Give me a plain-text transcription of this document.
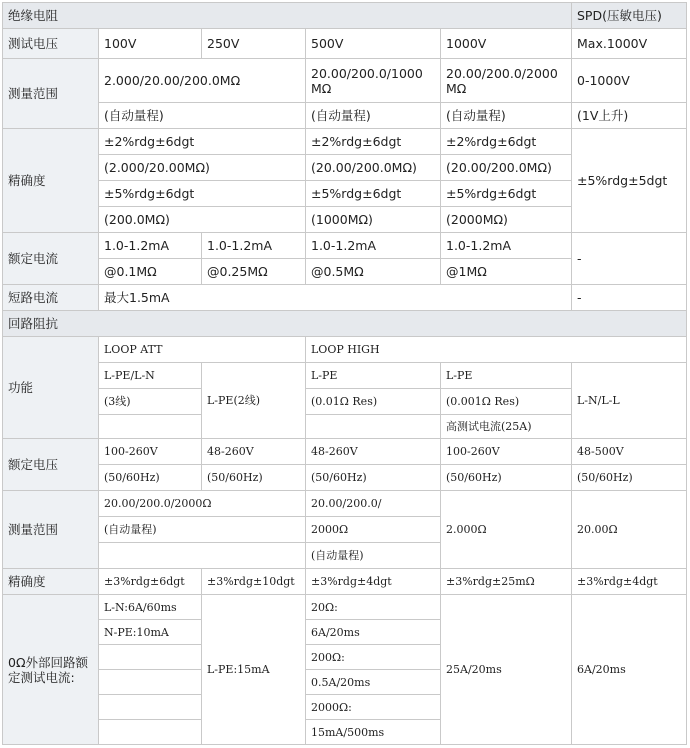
绝缘电阻					SPD(压敏电压)
测试电压	100V	250V	500V	1000V	Max.1000V
测量范围	2.000/20.00/200.0MΩ		20.00/200.0/1000 MΩ	20.00/200.0/2000 MΩ	0-1000V
	(自动量程)		(自动量程)	(自动量程)	(1V上升)
精确度	±2%rdg±6dgt		±2%rdg±6dgt	±2%rdg±6dgt	±5%rdg±5dgt
	(2.000/20.00MΩ)		(20.00/200.0MΩ)	(20.00/200.0MΩ)	
	±5%rdg±6dgt		±5%rdg±6dgt	±5%rdg±6dgt	
	(200.0MΩ)		(1000MΩ)	(2000MΩ)	
额定电流	1.0-1.2mA	1.0-1.2mA	1.0-1.2mA	1.0-1.2mA	-
	@0.1MΩ	@0.25MΩ	@0.5MΩ	@1MΩ	
短路电流	最大1.5mA				-
回路阻抗					
功能	LOOP ATT		LOOP HIGH		
	L-PE/L-N	L-PE(2线)	L-PE	L-PE	L-N/L-L
	(3线)		(0.01Ω Res)	(0.001Ω Res)	
				高测试电流(25A)	
额定电压	100-260V	48-260V	48-260V	100-260V	48-500V
	(50/60Hz)	(50/60Hz)	(50/60Hz)	(50/60Hz)	(50/60Hz)
测量范围	20.00/200.0/2000Ω		20.00/200.0/	2.000Ω	20.00Ω
	(自动量程)		2000Ω		
			(自动量程)		
精确度	±3%rdg±6dgt	±3%rdg±10dgt	±3%rdg±4dgt	±3%rdg±25mΩ	±3%rdg±4dgt
0Ω外部回路额定测试电流:	L-N:6A/60ms	L-PE:15mA	20Ω:	25A/20ms	6A/20ms
	N-PE:10mA		6A/20ms		
			200Ω:		
			0.5A/20ms		
			2000Ω:		
			15mA/500ms		
